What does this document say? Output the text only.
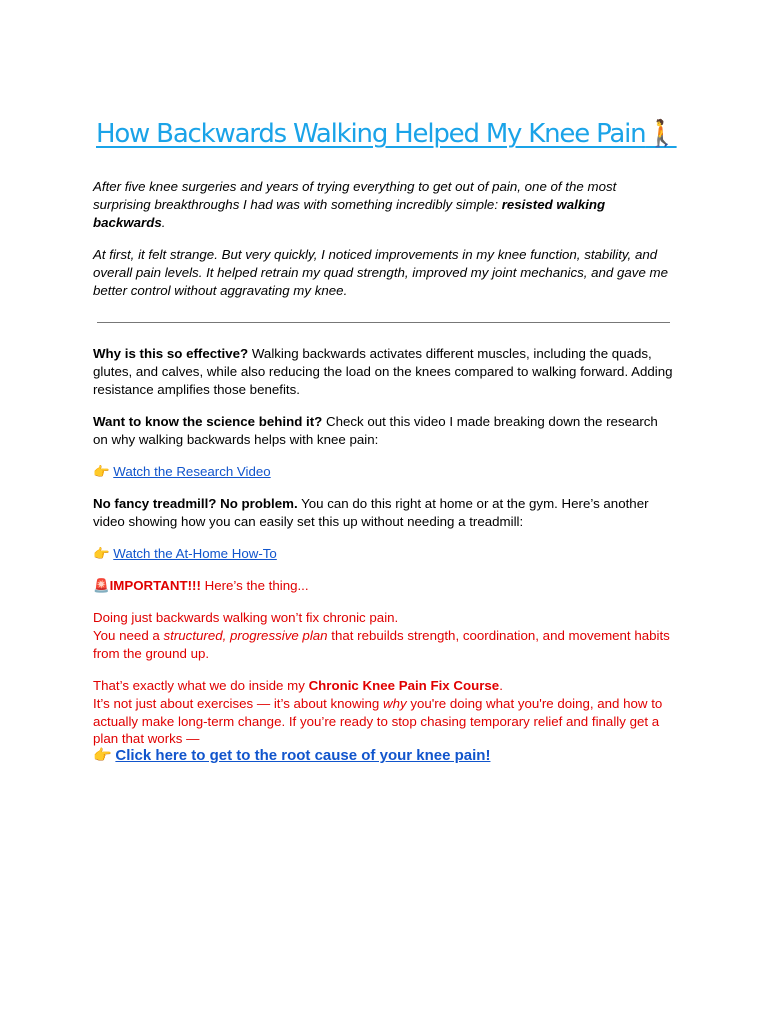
How Backwards Walking Helped My Knee Pain🚶

After five knee surgeries and years of trying everything to get out of pain, one of the most surprising breakthroughs I had was with something incredibly simple: resisted walking backwards.

At first, it felt strange. But very quickly, I noticed improvements in my knee function, stability, and overall pain levels. It helped retrain my quad strength, improved my joint mechanics, and gave me better control without aggravating my knee.

Why is this so effective? Walking backwards activates different muscles, including the quads, glutes, and calves, while also reducing the load on the knees compared to walking forward. Adding resistance amplifies those benefits.

Want to know the science behind it? Check out this video I made breaking down the research on why walking backwards helps with knee pain:

👉 Watch the Research Video

No fancy treadmill? No problem. You can do this right at home or at the gym. Here’s another video showing how you can easily set this up without needing a treadmill:

👉 Watch the At-Home How-To

🚨IMPORTANT!!! Here’s the thing...

Doing just backwards walking won’t fix chronic pain.

You need a structured, progressive plan that rebuilds strength, coordination, and movement habits from the ground up.

That’s exactly what we do inside my Chronic Knee Pain Fix Course.

It’s not just about exercises — it’s about knowing why you're doing what you're doing, and how to actually make long-term change. If you’re ready to stop chasing temporary relief and finally get a plan that works —

👉 Click here to get to the root cause of your knee pain!
